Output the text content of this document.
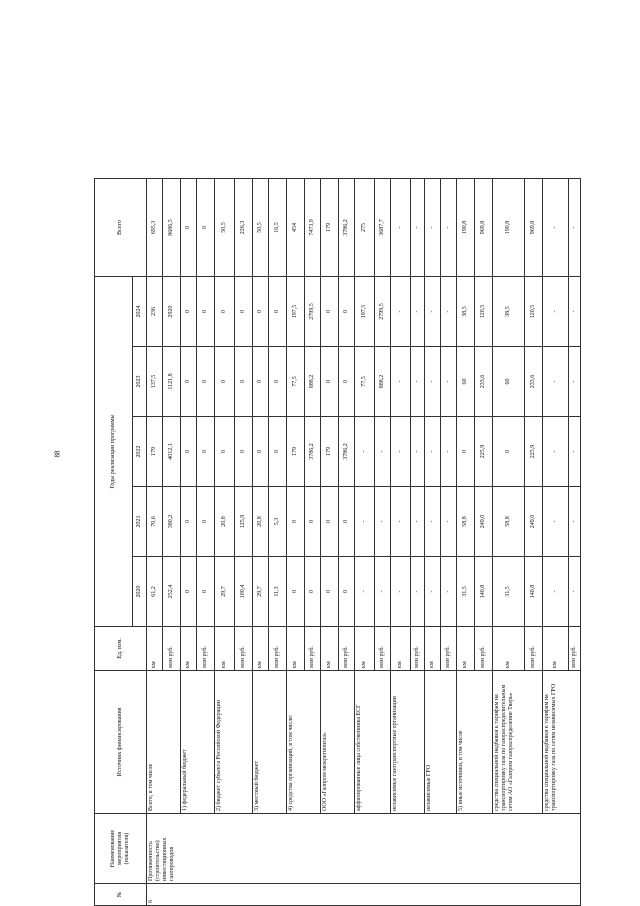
88
№	Наименование мероприятия (показателя)	Источник финансирования	Ед. изм.	Годы реализации программы					Всего
				2020	2021	2022	2023	2024	
6	Протяженность (строительство) инвестиционных газопроводов	Всего, в том числе	км	61,2	70,6	179	137,5	236	695,3
			млн руб.	252,4	380,2	4012,1	1121,8	2920	8686,5
		1) федеральный бюджет	км	0	0	0	0	0	0
			млн руб.	0	0	0	0	0	0
		2) бюджет субъекта Российской Федерации	км	29,7	20,8	0	0	0	50,5
			млн руб.	100,4	125,9	0	0	0	226,3
		3) местный бюджет	км	29,7	20,8	0	0	0	50,5
			млн руб.	11,3	5,3	0	0	0	16,5
		4) средства организаций, в том числе:	км	0	0	179	77,5	197,5	454
			млн руб.	0	0	3786,2	888,2	2799,5	7473,9
		ООО «Газпром межрегионгаз»	км	0	0	179	0	0	179
			млн руб.	0	0	3786,2	0	0	3786,2
		аффилированные лица собственника ЕСГ	км	-	-	-	77,5	197,5	275
			млн руб.	-	-	-	888,2	2799,5	3687,7
		независимые газотранспортные организации	км	-	-	-	-	-	-
			млн руб.	-	-	-	-	-	-
		независимые ГРО	км	-	-	-	-	-	-
			млн руб.	-	-	-	-	-	-
		5) иные источники, в том числе	км	31,5	58,8	0	60	38,5	190,8
			млн руб.	140,8	249,0	225,9	233,6	120,5	969,8
		средства специальной надбавки к тарифам на транспортировку газа по газораспределительным сетям АО «Газпром газораспределение Тверь»	км	31,5	58,8	0	60	38,5	190,8
			млн руб.	140,8	249,0	225,9	233,6	120,5	969,8
		средства специальной надбавки к тарифам на транспортировку газа по сетям независимых ГРО	км	-	-	-	-	-	-
			млн руб.	-	-	-	-	-	-
